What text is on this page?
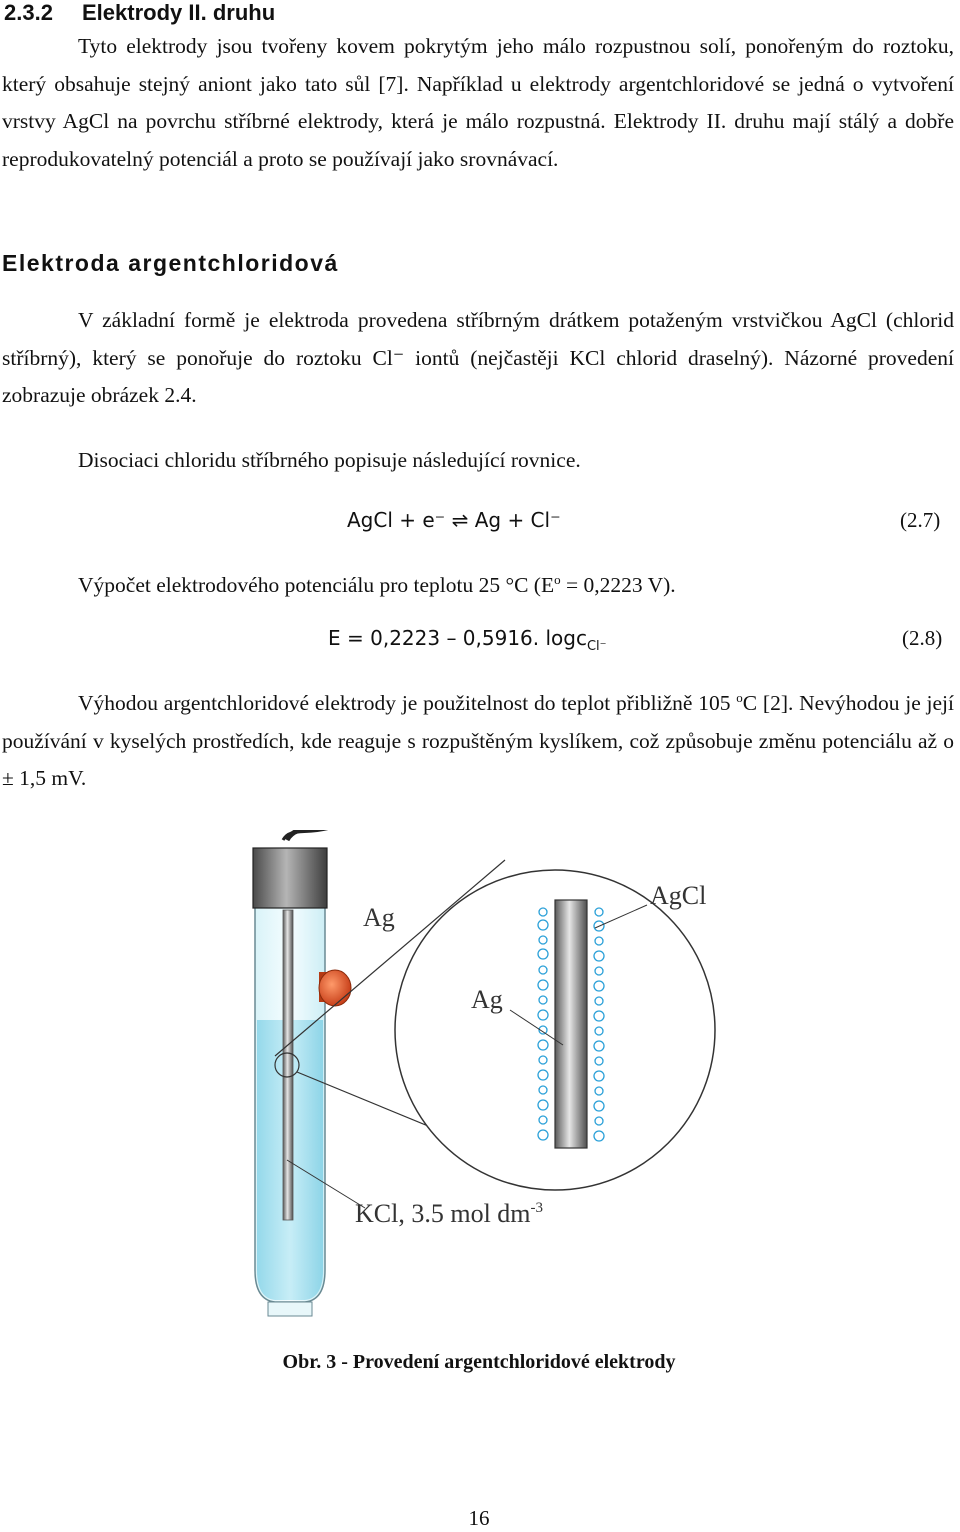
2.3.2 Elektrody II. druhu
Tyto elektrody jsou tvořeny kovem pokrytým jeho málo rozpustnou solí, ponořeným do roztoku, který obsahuje stejný aniont jako tato sůl [7]. Například u elektrody argentchloridové se jedná o vytvoření vrstvy AgCl na povrchu stříbrné elektrody, která je málo rozpustná. Elektrody II. druhu mají stálý a dobře reprodukovatelný potenciál a proto se používají jako srovnávací.
Elektroda argentchloridová
V základní formě je elektroda provedena stříbrným drátkem potaženým vrstvičkou AgCl (chlorid stříbrný), který se ponořuje do roztoku Cl⁻ iontů (nejčastěji KCl chlorid draselný). Názorné provedení zobrazuje obrázek 2.4.
Disociaci chloridu stříbrného popisuje následující rovnice.
AgCl + e⁻ ⇌ Ag + Cl⁻	(2.7)
Výpočet elektrodového potenciálu pro teplotu 25 °C ($E^o = 0,2223$ V).
E = 0,2223 – 0,5916. logc$_{Cl^-}$	(2.8)
Výhodou argentchloridové elektrody je použitelnost do teplot přibližně 105 $^o$C [2]. Nevýhodou je její používání v kyselých prostředích, kde reaguje s rozpuštěným kyslíkem, což způsobuje změnu potenciálu až o ± 1,5 mV.
Ag
AgCl
Ag
KCl, 3.5 mol $dm^{-3}$
Obr. 3 - Provedení argentchloridové elektrody
16
